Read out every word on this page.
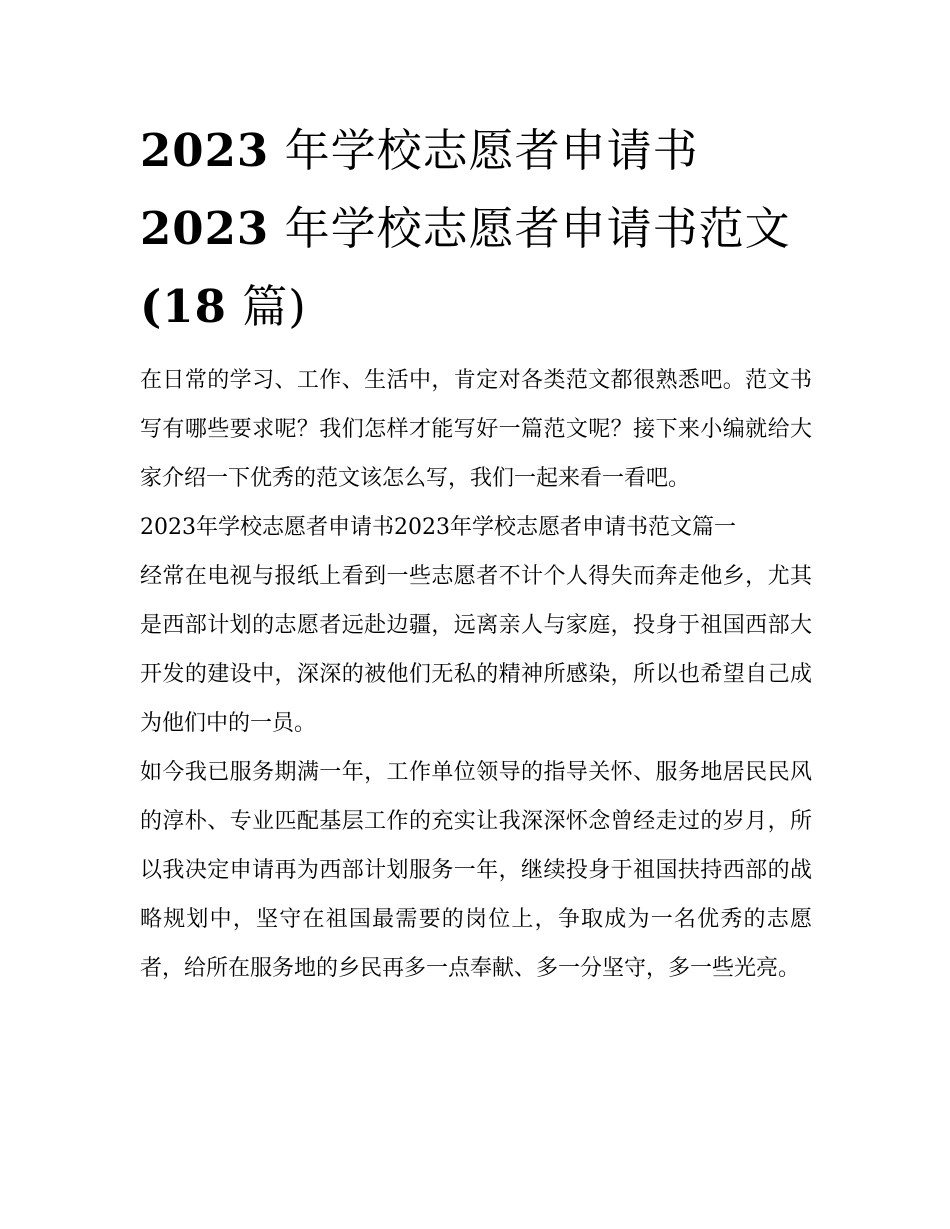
2023 年学校志愿者申请书
2023 年学校志愿者申请书范文
(18 篇)

在日常的学习、工作、生活中，肯定对各类范文都很熟悉吧。范文书写有哪些要求呢？我们怎样才能写好一篇范文呢？接下来小编就给大家介绍一下优秀的范文该怎么写，我们一起来看一看吧。

2023年学校志愿者申请书2023年学校志愿者申请书范文篇一

经常在电视与报纸上看到一些志愿者不计个人得失而奔走他乡，尤其是西部计划的志愿者远赴边疆，远离亲人与家庭，投身于祖国西部大开发的建设中，深深的被他们无私的精神所感染，所以也希望自己成为他们中的一员。

如今我已服务期满一年，工作单位领导的指导关怀、服务地居民民风的淳朴、专业匹配基层工作的充实让我深深怀念曾经走过的岁月，所以我决定申请再为西部计划服务一年，继续投身于祖国扶持西部的战略规划中，坚守在祖国最需要的岗位上，争取成为一名优秀的志愿者，给所在服务地的乡民再多一点奉献、多一分坚守，多一些光亮。
